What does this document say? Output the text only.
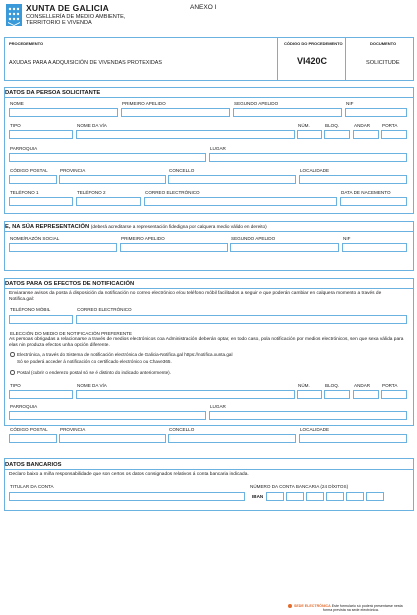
XUNTA DE GALICIA
CONSELLERÍA DE MEDIO AMBIENTE,
TERRITORIO E VIVENDA
ANEXO I
PROCEDEMENTO
AXUDAS PARA A ADQUISICIÓN DE VIVENDAS PROTEXIDAS
CÓDIGO DO PROCEDEMENTO
VI420C
DOCUMENTO
SOLICITUDE
DATOS DA PERSOA SOLICITANTE
NOME	PRIMEIRO APELIDO	SEGUNDO APELIDO	NIF
TIPO	NOME DA VÍA	NÚM.	BLOQ.	ANDAR	PORTA
PARROQUIA	LUGAR
CÓDIGO POSTAL	PROVINCIA	CONCELLO	LOCALIDADE
TELÉFONO 1	TELÉFONO 2	CORREO ELECTRÓNICO	DATA DE NACEMENTO
E, NA SÚA REPRESENTACIÓN (deberá acreditarse a representación fidedigna por calquera medio válido en dereito)
NOME/RAZÓN SOCIAL	PRIMEIRO APELIDO	SEGUNDO APELIDO	NIF
DATOS PARA OS EFECTOS DE NOTIFICACIÓN
Enviaranse avisos da posta á disposición da notificación no correo electrónico e/ou teléfono móbil facilitados a seguir e que poderán cambiar en calquera momento a través de Notifica.gal:
TELÉFONO MÓBIL	CORREO ELECTRÓNICO
ELECCIÓN DO MEDIO DE NOTIFICACIÓN PREFERENTE
As persoas obrigadas a relacionarse a través de medios electrónicos coa Administración deberán optar, en todo caso, pola notificación por medios electrónicos, sen que sexa válida para elas nin produza efectos unha opción diferente.
Electrónica, a través do Sistema de notificación electrónica de Galicia-Notifica.gal https://notifica.xunta.gal
Só se poderá acceder á notificación co certificado electrónico ou Chave365.
Postal (cubrir o enderezo postal só se é distinto do indicado anteriormente).
TIPO	NOME DA VÍA	NÚM.	BLOQ.	ANDAR	PORTA
PARROQUIA	LUGAR
CÓDIGO POSTAL	PROVINCIA	CONCELLO	LOCALIDADE
DATOS BANCARIOS
Declaro baixo a miña responsabilidade que son certos os datos consignados relativos á conta bancaria indicada.
TITULAR DA CONTA	NÚMERO DA CONTA BANCARIA (24 DÍXITOS)
IBAN
SEDE ELECTRÓNICA Este formulario só poderá presentarse nesta
forma prevista na sede electrónica.
